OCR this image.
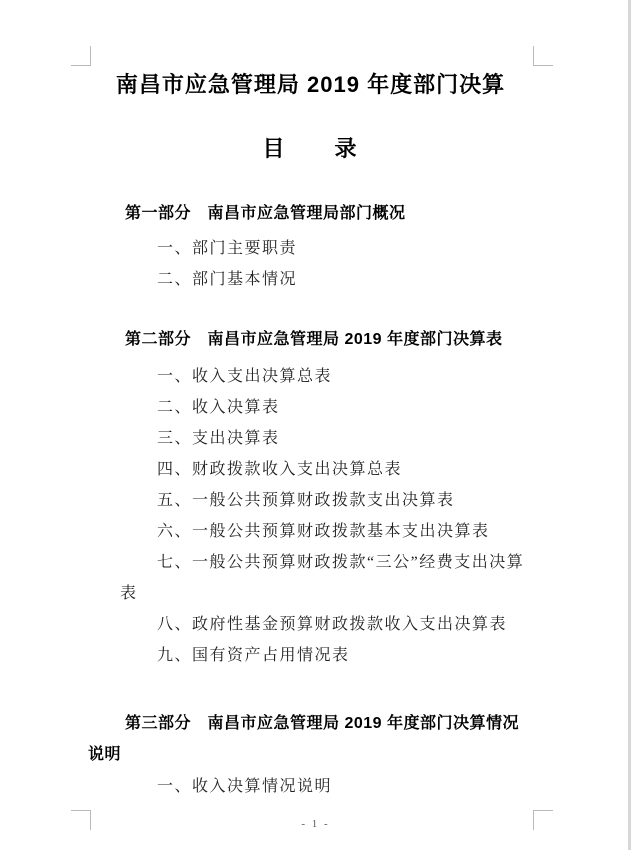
南昌市应急管理局 2019 年度部门决算
目　　录
第一部分　南昌市应急管理局部门概况
一、部门主要职责
二、部门基本情况
第二部分　南昌市应急管理局 2019 年度部门决算表
一、收入支出决算总表
二、收入决算表
三、支出决算表
四、财政拨款收入支出决算总表
五、一般公共预算财政拨款支出决算表
六、一般公共预算财政拨款基本支出决算表
七、一般公共预算财政拨款“三公”经费支出决算
表
八、政府性基金预算财政拨款收入支出决算表
九、国有资产占用情况表
第三部分　南昌市应急管理局 2019 年度部门决算情况
说明
一、收入决算情况说明
- 1 -
